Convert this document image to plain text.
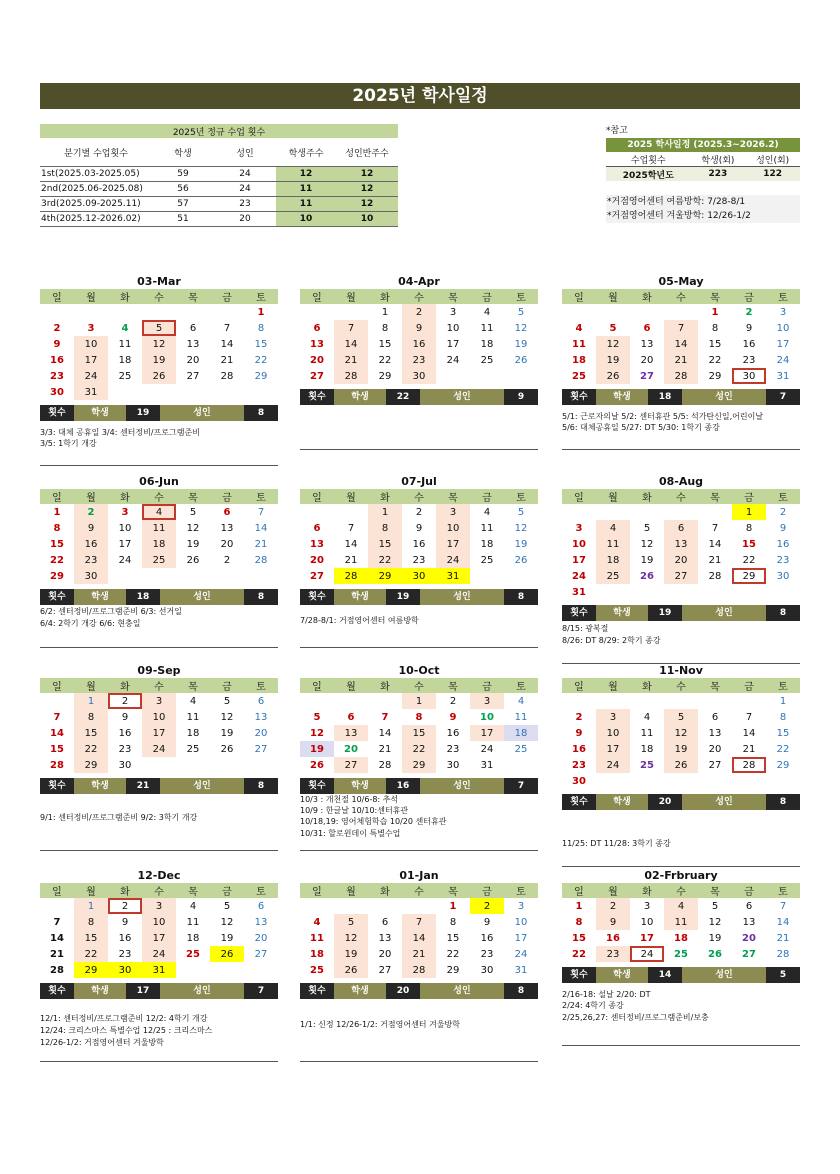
2025년 학사일정
2025년 정규 수업 횟수				
분기별 수업횟수	학생	성인	학생주수	성인반주수
1st(2025.03-2025.05)	59	24	12	12
2nd(2025.06-2025.08)	56	24	11	12
3rd(2025.09-2025.11)	57	23	11	12
4th(2025.12-2026.02)	51	20	10	10
*참고
2025 학사일정 (2025.3~2026.2)
수업횟수	학생(회)	성인(회)
2025학년도	223	122
*거점영어센터 여름방학: 7/28-8/1
*거점영어센터 겨울방학: 12/26-1/2
03-Mar
일	월	화	수	목	금	토
						1
2	3	4	5	6	7	8
9	10	11	12	13	14	15
16	17	18	19	20	21	22
23	24	25	26	27	28	29
30	31					
횟수	학생	19	성인	8
3/3: 대체 공휴일 3/4: 센터정비/프로그램준비
3/5: 1학기 개강
04-Apr
일	월	화	수	목	금	토
		1	2	3	4	5
6	7	8	9	10	11	12
13	14	15	16	17	18	19
20	21	22	23	24	25	26
27	28	29	30			
횟수	학생	22	성인	9
05-May
일	월	화	수	목	금	토
				1	2	3
4	5	6	7	8	9	10
11	12	13	14	15	16	17
18	19	20	21	22	23	24
25	26	27	28	29	30	31
횟수	학생	18	성인	7
5/1: 근로자의날 5/2: 센터휴관 5/5: 석가탄신일,어린이날
5/6: 대체공휴일 5/27: DT 5/30: 1학기 종강
06-Jun
일	월	화	수	목	금	토
1	2	3	4	5	6	7
8	9	10	11	12	13	14
15	16	17	18	19	20	21
22	23	24	25	26	2	28
29	30					
횟수	학생	18	성인	8
6/2: 센터정비/프로그램준비 6/3: 선거일
6/4: 2학기 개강 6/6: 현충일
07-Jul
일	월	화	수	목	금	토
		1	2	3	4	5
6	7	8	9	10	11	12
13	14	15	16	17	18	19
20	21	22	23	24	25	26
27	28	29	30	31		
횟수	학생	19	성인	8
7/28-8/1: 거점영어센터 여름방학
08-Aug
일	월	화	수	목	금	토
					1	2
3	4	5	6	7	8	9
10	11	12	13	14	15	16
17	18	19	20	21	22	23
24	25	26	27	28	29	30
31						
횟수	학생	19	성인	8
8/15: 광복절
8/26: DT 8/29: 2학기 종강
09-Sep
일	월	화	수	목	금	토
	1	2	3	4	5	6
7	8	9	10	11	12	13
14	15	16	17	18	19	20
15	22	23	24	25	26	27
28	29	30				
횟수	학생	21	성인	8
9/1: 센터정비/프로그램준비 9/2: 3학기 개강
10-Oct
일	월	화	수	목	금	토
			1	2	3	4
5	6	7	8	9	10	11
12	13	14	15	16	17	18
19	20	21	22	23	24	25
26	27	28	29	30	31	
횟수	학생	16	성인	7
10/3 : 개천절 10/6-8: 추석
10/9 : 한글날 10/10:센터휴관
10/18,19: 영어체험학습 10/20 센터휴관
10/31: 할로윈데이 특별수업
11-Nov
일	월	화	수	목	금	토
						1
2	3	4	5	6	7	8
9	10	11	12	13	14	15
16	17	18	19	20	21	22
23	24	25	26	27	28	29
30						
횟수	학생	20	성인	8
11/25: DT 11/28: 3학기 종강
12-Dec
일	월	화	수	목	금	토
	1	2	3	4	5	6
7	8	9	10	11	12	13
14	15	16	17	18	19	20
21	22	23	24	25	26	27
28	29	30	31			
횟수	학생	17	성인	7
12/1: 센터정비/프로그램준비 12/2: 4학기 개강
12/24: 크리스마스 특별수업 12/25 : 크리스마스
12/26-1/2: 거점영어센터 겨울방학
01-Jan
일	월	화	수	목	금	토
				1	2	3
4	5	6	7	8	9	10
11	12	13	14	15	16	17
18	19	20	21	22	23	24
25	26	27	28	29	30	31
횟수	학생	20	성인	8
1/1: 신정 12/26-1/2: 거점영어센터 겨울방학
02-Frbruary
일	월	화	수	목	금	토
1	2	3	4	5	6	7
8	9	10	11	12	13	14
15	16	17	18	19	20	21
22	23	24	25	26	27	28
횟수	학생	14	성인	5
2/16-18: 설날 2/20: DT
2/24: 4학기 종강
2/25,26,27: 센터정비/프로그램준비/보충
